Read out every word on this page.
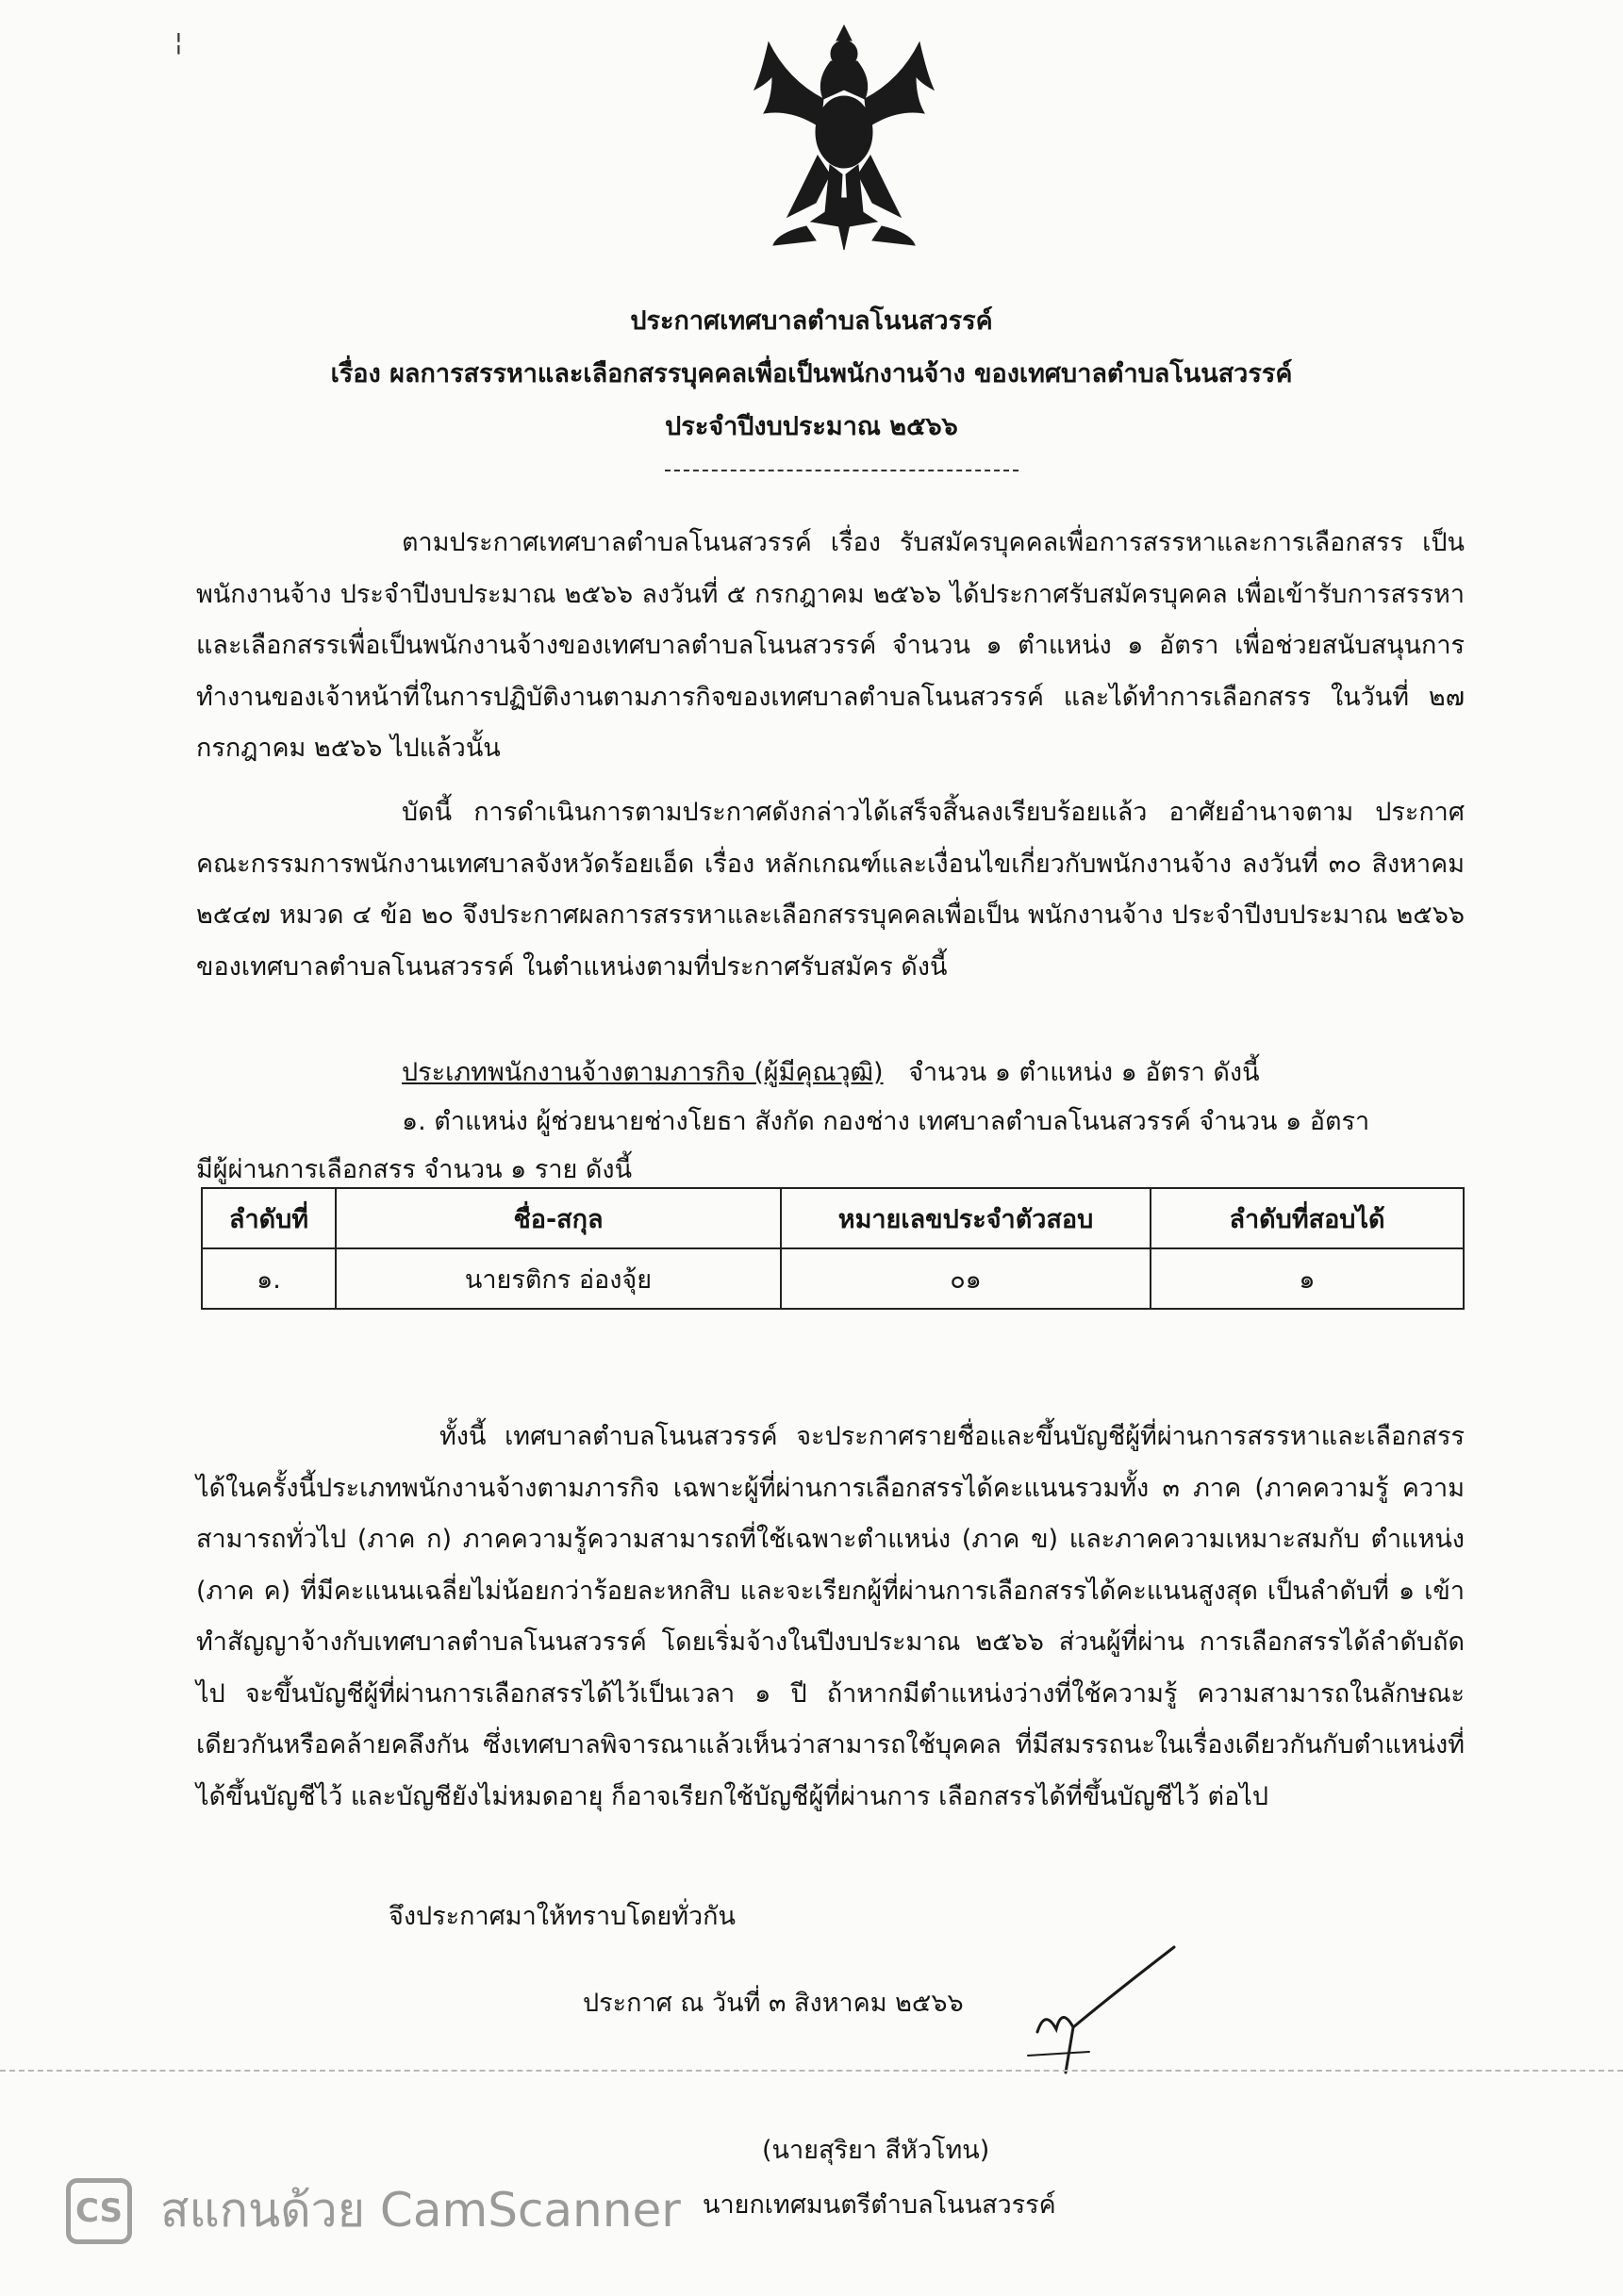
¦
ประกาศเทศบาลตำบลโนนสวรรค์
เรื่อง ผลการสรรหาและเลือกสรรบุคคลเพื่อเป็นพนักงานจ้าง ของเทศบาลตำบลโนนสวรรค์
ประจำปีงบประมาณ ๒๕๖๖

ตามประกาศเทศบาลตำบลโนนสวรรค์ เรื่อง รับสมัครบุคคลเพื่อการสรรหาและการเลือกสรร เป็นพนักงานจ้าง ประจำปีงบประมาณ ๒๕๖๖ ลงวันที่ ๕ กรกฎาคม ๒๕๖๖ ได้ประกาศรับสมัครบุคคล เพื่อเข้ารับการสรรหาและเลือกสรรเพื่อเป็นพนักงานจ้างของเทศบาลตำบลโนนสวรรค์ จำนวน ๑ ตำแหน่ง ๑ อัตรา เพื่อช่วยสนับสนุนการทำงานของเจ้าหน้าที่ในการปฏิบัติงานตามภารกิจของเทศบาลตำบลโนนสวรรค์ และได้ทำการเลือกสรร ในวันที่ ๒๗ กรกฎาคม ๒๕๖๖ ไปแล้วนั้น

บัดนี้ การดำเนินการตามประกาศดังกล่าวได้เสร็จสิ้นลงเรียบร้อยแล้ว อาศัยอำนาจตาม ประกาศคณะกรรมการพนักงานเทศบาลจังหวัดร้อยเอ็ด เรื่อง หลักเกณฑ์และเงื่อนไขเกี่ยวกับพนักงานจ้าง ลงวันที่ ๓๐ สิงหาคม ๒๕๔๗ หมวด ๔ ข้อ ๒๐ จึงประกาศผลการสรรหาและเลือกสรรบุคคลเพื่อเป็น พนักงานจ้าง ประจำปีงบประมาณ ๒๕๖๖ ของเทศบาลตำบลโนนสวรรค์ ในตำแหน่งตามที่ประกาศรับสมัคร ดังนี้

ประเภทพนักงานจ้างตามภารกิจ (ผู้มีคุณวุฒิ) จำนวน ๑ ตำแหน่ง ๑ อัตรา ดังนี้
๑. ตำแหน่ง ผู้ช่วยนายช่างโยธา สังกัด กองช่าง เทศบาลตำบลโนนสวรรค์ จำนวน ๑ อัตรา
มีผู้ผ่านการเลือกสรร จำนวน ๑ ราย ดังนี้
ลำดับที่	ชื่อ-สกุล	หมายเลขประจำตัวสอบ	ลำดับที่สอบได้
๑.	นายรติกร อ่องจุ้ย	๐๑	๑

ทั้งนี้ เทศบาลตำบลโนนสวรรค์ จะประกาศรายชื่อและขึ้นบัญชีผู้ที่ผ่านการสรรหาและเลือกสรร ได้ในครั้งนี้ประเภทพนักงานจ้างตามภารกิจ เฉพาะผู้ที่ผ่านการเลือกสรรได้คะแนนรวมทั้ง ๓ ภาค (ภาคความรู้ ความสามารถทั่วไป (ภาค ก) ภาคความรู้ความสามารถที่ใช้เฉพาะตำแหน่ง (ภาค ข) และภาคความเหมาะสมกับ ตำแหน่ง (ภาค ค) ที่มีคะแนนเฉลี่ยไม่น้อยกว่าร้อยละหกสิบ และจะเรียกผู้ที่ผ่านการเลือกสรรได้คะแนนสูงสุด เป็นลำดับที่ ๑ เข้าทำสัญญาจ้างกับเทศบาลตำบลโนนสวรรค์ โดยเริ่มจ้างในปีงบประมาณ ๒๕๖๖ ส่วนผู้ที่ผ่าน การเลือกสรรได้ลำดับถัดไป จะขึ้นบัญชีผู้ที่ผ่านการเลือกสรรได้ไว้เป็นเวลา ๑ ปี ถ้าหากมีตำแหน่งว่างที่ใช้ความรู้ ความสามารถในลักษณะเดียวกันหรือคล้ายคลึงกัน ซึ่งเทศบาลพิจารณาแล้วเห็นว่าสามารถใช้บุคคล ที่มีสมรรถนะในเรื่องเดียวกันกับตำแหน่งที่ได้ขึ้นบัญชีไว้ และบัญชียังไม่หมดอายุ ก็อาจเรียกใช้บัญชีผู้ที่ผ่านการ เลือกสรรได้ที่ขึ้นบัญชีไว้ ต่อไป

จึงประกาศมาให้ทราบโดยทั่วกัน
ประกาศ ณ วันที่ ๓ สิงหาคม ๒๕๖๖
(นายสุริยา สีหัวโทน)
นายกเทศมนตรีตำบลโนนสวรรค์
CS สแกนด้วย CamScanner
